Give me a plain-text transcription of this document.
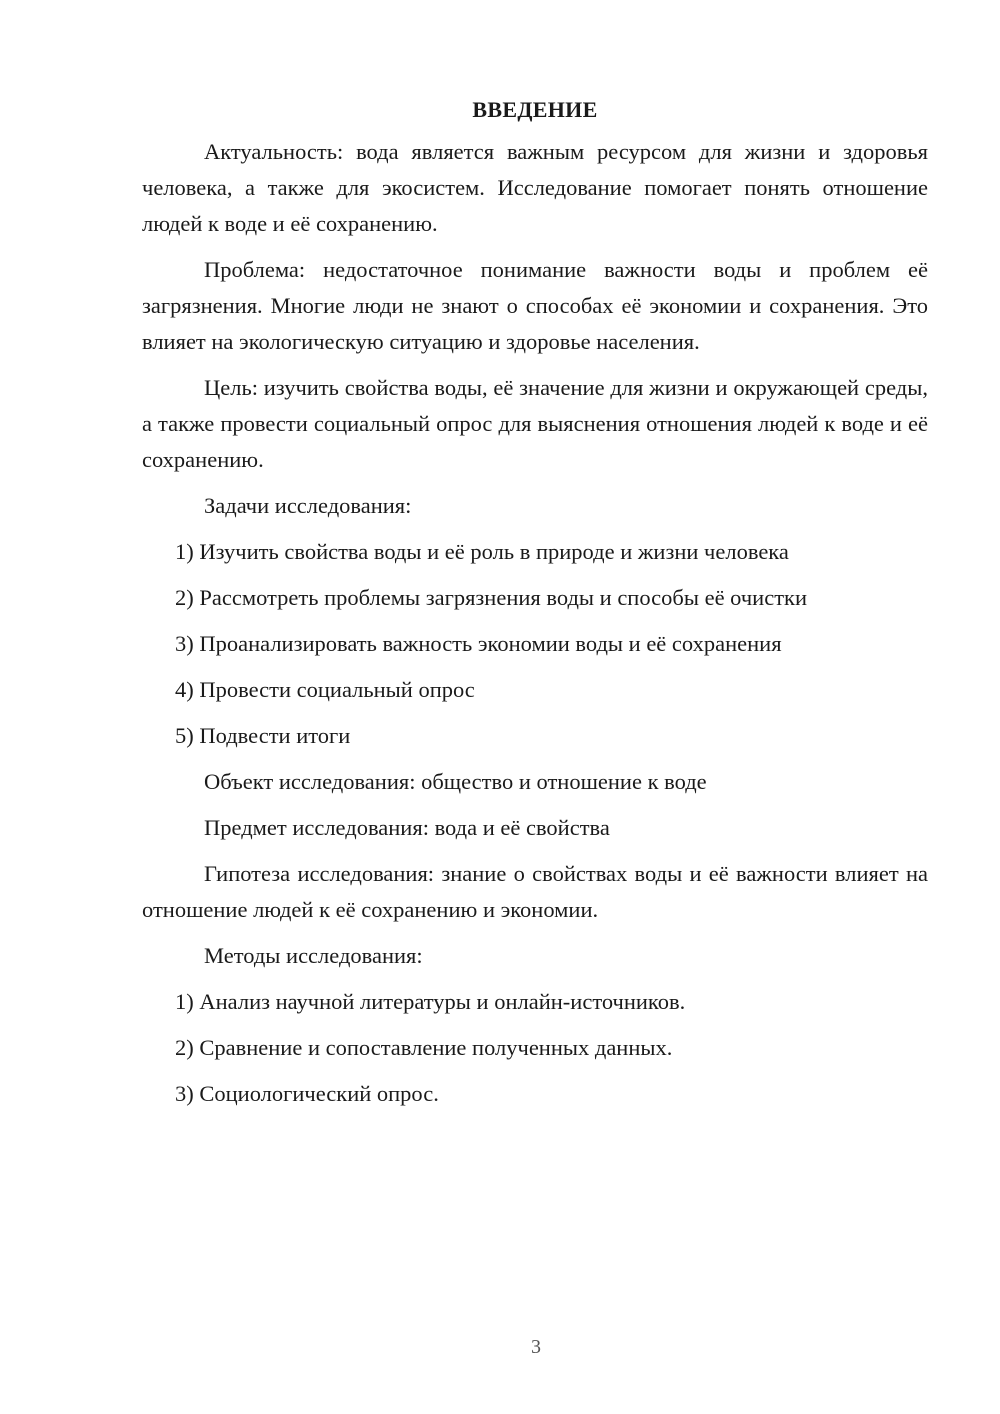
ВВЕДЕНИЕ

Актуальность: вода является важным ресурсом для жизни и здоровья человека, а также для экосистем. Исследование помогает понять отношение людей к воде и её сохранению.

Проблема: недостаточное понимание важности воды и проблем её загрязнения. Многие люди не знают о способах её экономии и сохранения. Это влияет на экологическую ситуацию и здоровье населения.

Цель: изучить свойства воды, её значение для жизни и окружающей среды, а также провести социальный опрос для выяснения отношения людей к воде и её сохранению.

Задачи исследования:

1) Изучить свойства воды и её роль в природе и жизни человека

2) Рассмотреть проблемы загрязнения воды и способы её очистки

3) Проанализировать важность экономии воды и её сохранения

4) Провести социальный опрос

5) Подвести итоги

Объект исследования: общество и отношение к воде

Предмет исследования: вода и её свойства

Гипотеза исследования: знание о свойствах воды и её важности влияет на отношение людей к её сохранению и экономии.

Методы исследования:

1) Анализ научной литературы и онлайн-источников.

2) Сравнение и сопоставление полученных данных.

3) Социологический опрос.

3
